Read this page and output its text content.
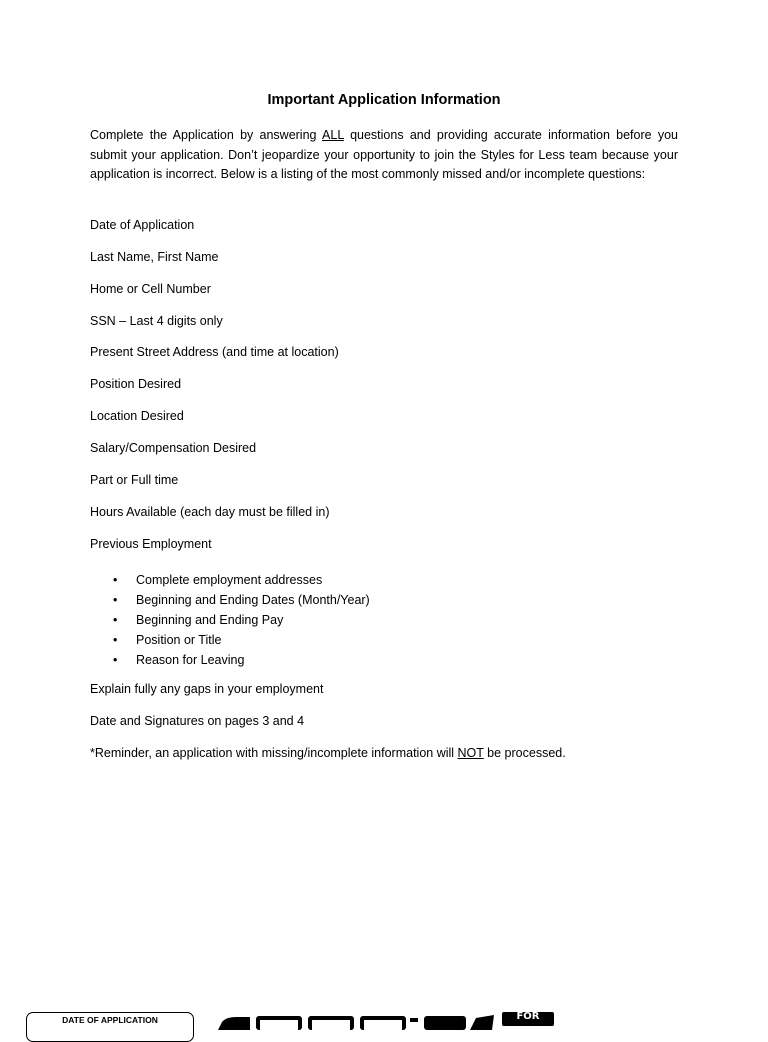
Important Application Information

Complete the Application by answering ALL questions and providing accurate information before you submit your application. Don’t jeopardize your opportunity to join the Styles for Less team because your application is incorrect. Below is a listing of the most commonly missed and/or incomplete questions:

Date of Application
Last Name, First Name
Home or Cell Number
SSN – Last 4 digits only
Present Street Address (and time at location)
Position Desired
Location Desired
Salary/Compensation Desired
Part or Full time
Hours Available (each day must be filled in)
Previous Employment
• Complete employment addresses
• Beginning and Ending Dates (Month/Year)
• Beginning and Ending Pay
• Position or Title
• Reason for Leaving
Explain fully any gaps in your employment
Date and Signatures on pages 3 and 4
*Reminder, an application with missing/incomplete information will NOT be processed.
DATE OF APPLICATION	FOR
